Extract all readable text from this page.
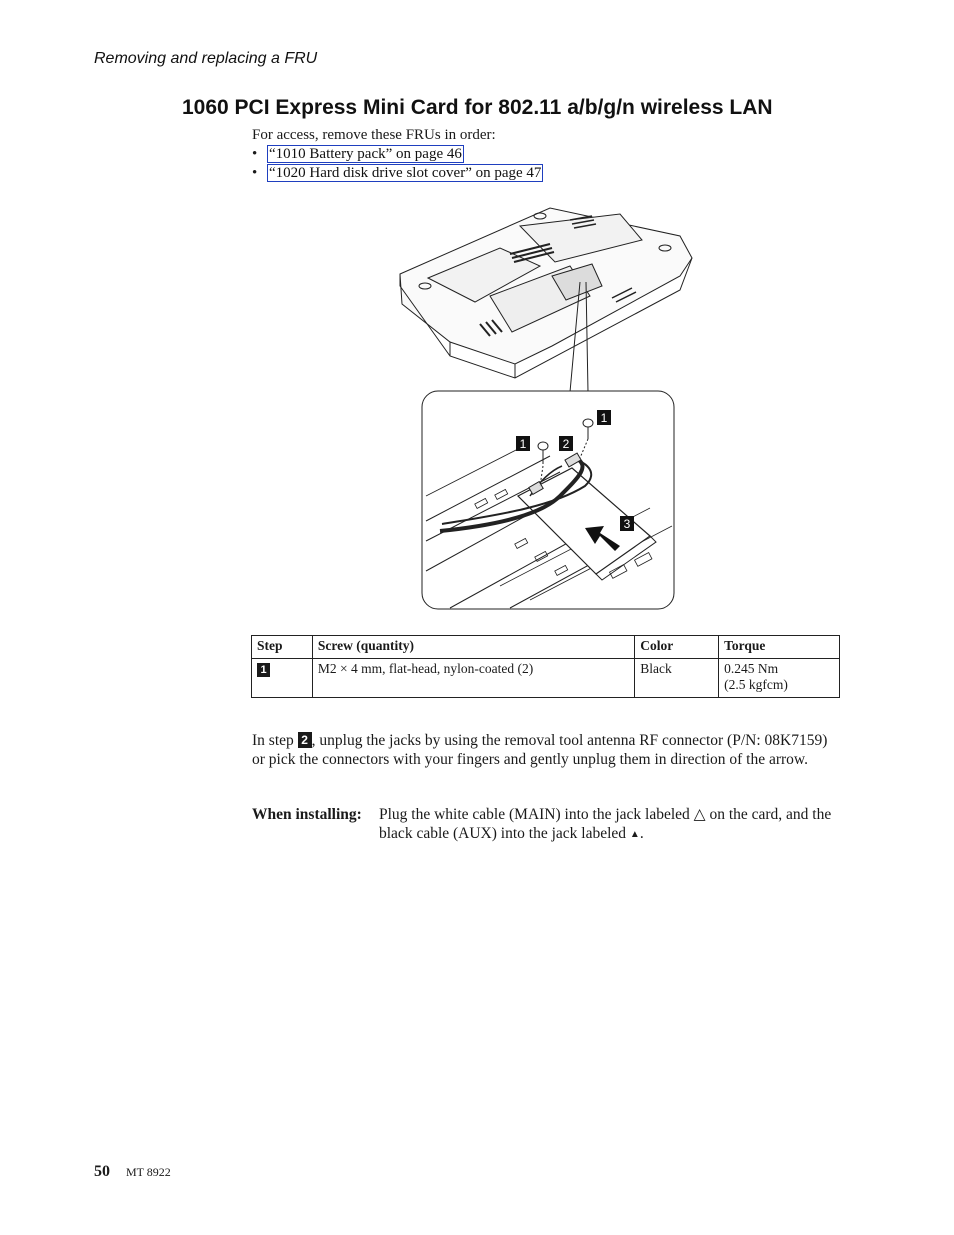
Removing and replacing a FRU
1060 PCI Express Mini Card for 802.11 a/b/g/n wireless LAN
For access, remove these FRUs in order:
• “1010 Battery pack” on page 46
• “1020 Hard disk drive slot cover” on page 47
1
1	2
3
Step	Screw (quantity)	Color	Torque
1	M2 × 4 mm, flat-head, nylon-coated (2)	Black	0.245 Nm
(2.5 kgfcm)

In step 2 , unplug the jacks by using the removal tool antenna RF connector (P/N: 08K7159) or pick the connectors with your fingers and gently unplug them in direction of the arrow.

When installing: Plug the white cable (MAIN) into the jack labeled △ on the card, and the black cable (AUX) into the jack labeled ▲.
50 MT 8922
